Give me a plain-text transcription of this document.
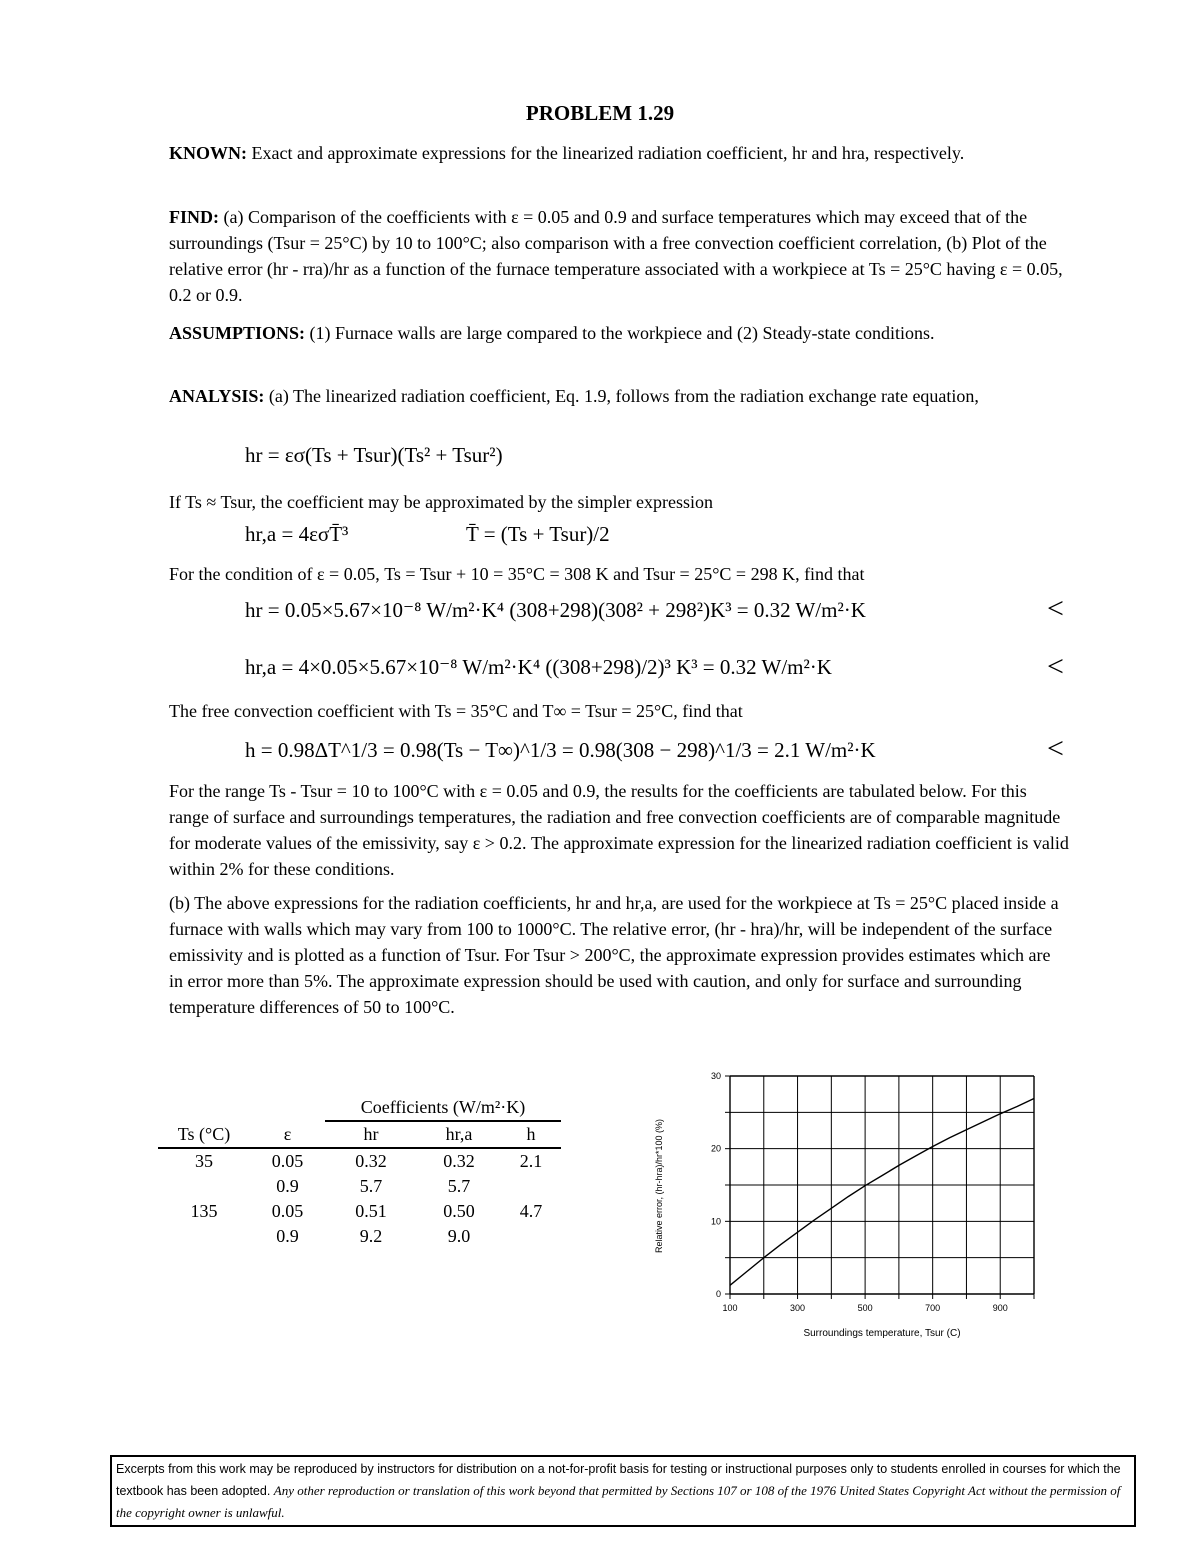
PROBLEM 1.29
KNOWN: Exact and approximate expressions for the linearized radiation coefficient, hr and hra, respectively.
FIND: (a) Comparison of the coefficients with ε = 0.05 and 0.9 and surface temperatures which may exceed that of the surroundings (Tsur = 25°C) by 10 to 100°C; also comparison with a free convection coefficient correlation, (b) Plot of the relative error (hr - rra)/hr as a function of the furnace temperature associated with a workpiece at Ts = 25°C having ε = 0.05, 0.2 or 0.9.
ASSUMPTIONS: (1) Furnace walls are large compared to the workpiece and (2) Steady-state conditions.
ANALYSIS: (a) The linearized radiation coefficient, Eq. 1.9, follows from the radiation exchange rate equation,
hr = εσ(Ts + Tsur)(Ts² + Tsur²)
If Ts ≈ Tsur, the coefficient may be approximated by the simpler expression
hr,a = 4εσT̄³	T̄ = (Ts + Tsur)/2
For the condition of ε = 0.05, Ts = Tsur + 10 = 35°C = 308 K and Tsur = 25°C = 298 K, find that
hr = 0.05×5.67×10⁻⁸ W/m²·K⁴ (308+298)(308² + 298²)K³ = 0.32 W/m²·K	<
hr,a = 4×0.05×5.67×10⁻⁸ W/m²·K⁴ ((308+298)/2)³ K³ = 0.32 W/m²·K	<
The free convection coefficient with Ts = 35°C and T∞ = Tsur = 25°C, find that
h = 0.98ΔT^1/3 = 0.98(Ts − T∞)^1/3 = 0.98(308 − 298)^1/3 = 2.1 W/m²·K	<
For the range Ts - Tsur = 10 to 100°C with ε = 0.05 and 0.9, the results for the coefficients are tabulated below. For this range of surface and surroundings temperatures, the radiation and free convection coefficients are of comparable magnitude for moderate values of the emissivity, say ε > 0.2. The approximate expression for the linearized radiation coefficient is valid within 2% for these conditions.
(b) The above expressions for the radiation coefficients, hr and hr,a, are used for the workpiece at Ts = 25°C placed inside a furnace with walls which may vary from 100 to 1000°C. The relative error, (hr - hra)/hr, will be independent of the surface emissivity and is plotted as a function of Tsur. For Tsur > 200°C, the approximate expression provides estimates which are in error more than 5%. The approximate expression should be used with caution, and only for surface and surrounding temperature differences of 50 to 100°C.
		Coefficients (W/m²·K)		
Ts (°C)	ε	hr	hr,a	h
35	0.05	0.32	0.32	2.1
	0.9	5.7	5.7	
135	0.05	0.51	0.50	4.7
	0.9	9.2	9.0	
100	300	500	700	900
0
10
20
30
Surroundings temperature, Tsur (C)
Relative error, (hr-hra)/hr*100 (%)
Excerpts from this work may be reproduced by instructors for distribution on a not-for-profit basis for testing or instructional purposes only to students enrolled in courses for which the textbook has been adopted. Any other reproduction or translation of this work beyond that permitted by Sections 107 or 108 of the 1976 United States Copyright Act without the permission of the copyright owner is unlawful.
